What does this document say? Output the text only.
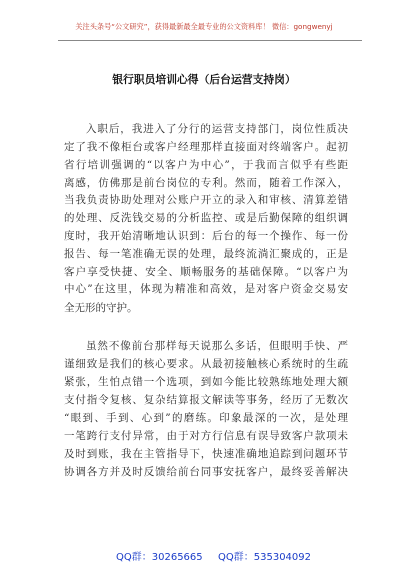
关注头条号“公文研究”，获得最新最全最专业的公文资料库！ 微信：gongwenyj
银行职员培训心得（后台运营支持岗）
入职后，我进入了分行的运营支持部门，岗位性质决
定了我不像柜台或客户经理那样直接面对终端客户。起初
省行培训强调的“以客户为中心”，于我而言似乎有些距
离感，仿佛那是前台岗位的专利。然而，随着工作深入，
当我负责协助处理对公账户开立的录入和审核、清算差错
的处理、反洗钱交易的分析监控、或是后勤保障的组织调
度时，我开始清晰地认识到：后台的每一个操作、每一份
报告、每一笔准确无误的处理，最终流淌汇聚成的，正是
客户享受快捷、安全、顺畅服务的基础保障。“以客户为
中心”在这里，体现为精准和高效，是对客户资金交易安
全无形的守护。
虽然不像前台那样每天说那么多话，但眼明手快、严
谨细致是我们的核心要求。从最初接触核心系统时的生疏
紧张，生怕点错一个选项，到如今能比较熟练地处理大额
支付指令复核、复杂结算报文解读等事务，经历了无数次
“眼到、手到、心到”的磨练。印象最深的一次，是处理
一笔跨行支付异常，由于对方行信息有误导致客户款项未
及时到账，我在主管指导下，快速准确地追踪到问题环节
协调各方并及时反馈给前台同事安抚客户，最终妥善解决
QQ群：30265665 QQ群：535304092
